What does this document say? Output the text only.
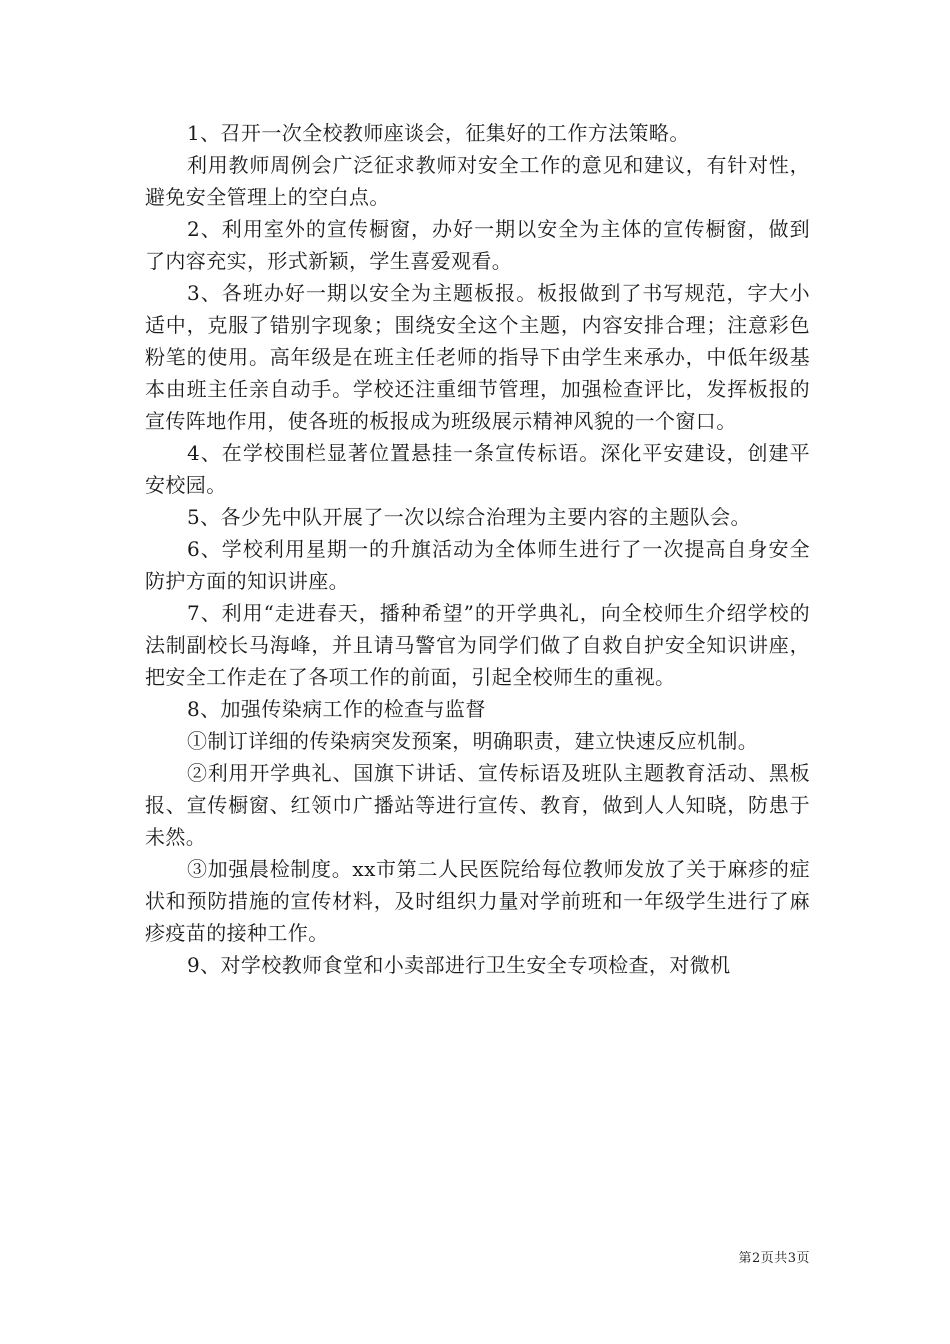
1、召开一次全校教师座谈会，征集好的工作方法策略。

利用教师周例会广泛征求教师对安全工作的意见和建议，有针对性，避免安全管理上的空白点。

2、利用室外的宣传橱窗，办好一期以安全为主体的宣传橱窗，做到了内容充实，形式新颖，学生喜爱观看。

3、各班办好一期以安全为主题板报。板报做到了书写规范，字大小适中，克服了错别字现象；围绕安全这个主题，内容安排合理；注意彩色粉笔的使用。高年级是在班主任老师的指导下由学生来承办，中低年级基本由班主任亲自动手。学校还注重细节管理，加强检查评比，发挥板报的宣传阵地作用，使各班的板报成为班级展示精神风貌的一个窗口。

4、在学校围栏显著位置悬挂一条宣传标语。深化平安建设，创建平安校园。

5、各少先中队开展了一次以综合治理为主要内容的主题队会。

6、学校利用星期一的升旗活动为全体师生进行了一次提高自身安全防护方面的知识讲座。

7、利用“走进春天，播种希望”的开学典礼，向全校师生介绍学校的法制副校长马海峰，并且请马警官为同学们做了自救自护安全知识讲座，把安全工作走在了各项工作的前面，引起全校师生的重视。

8、加强传染病工作的检查与监督

①制订详细的传染病突发预案，明确职责，建立快速反应机制。

②利用开学典礼、国旗下讲话、宣传标语及班队主题教育活动、黑板报、宣传橱窗、红领巾广播站等进行宣传、教育，做到人人知晓，防患于未然。

③加强晨检制度。xx市第二人民医院给每位教师发放了关于麻疹的症状和预防措施的宣传材料，及时组织力量对学前班和一年级学生进行了麻疹疫苗的接种工作。

9、对学校教师食堂和小卖部进行卫生安全专项检查，对微机

第2页共3页
